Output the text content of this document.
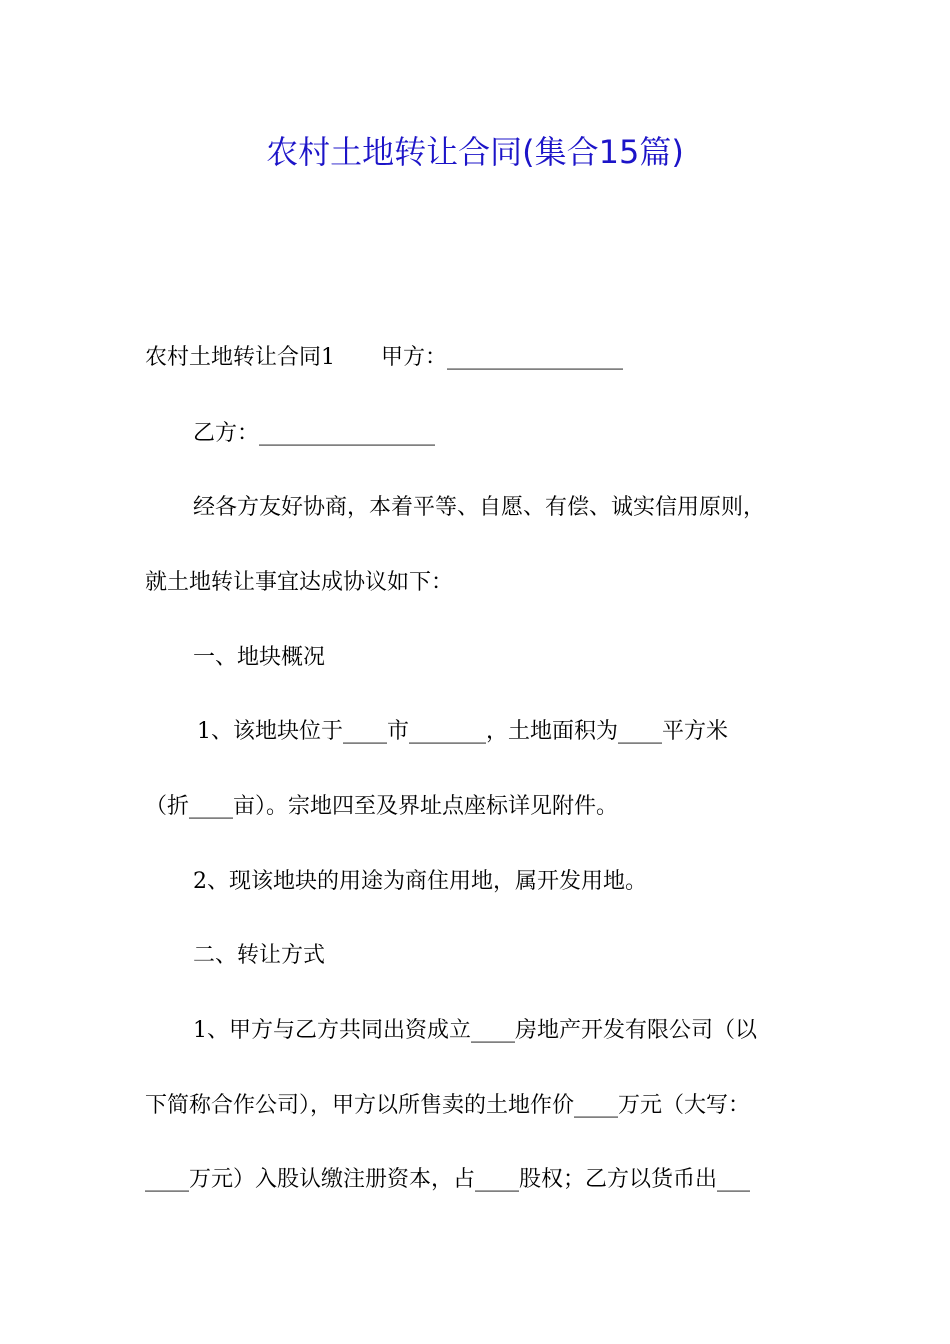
农村土地转让合同(集合15篇)

农村土地转让合同1 甲方：________________

乙方：________________

经各方友好协商，本着平等、自愿、有偿、诚实信用原则，

就土地转让事宜达成协议如下：

一、地块概况

1、该地块位于____市_______，土地面积为____平方米

（折____亩）。宗地四至及界址点座标详见附件。

2、现该地块的用途为商住用地，属开发用地。

二、转让方式

1、甲方与乙方共同出资成立____房地产开发有限公司（以

下简称合作公司），甲方以所售卖的土地作价____万元（大写：

____万元）入股认缴注册资本，占____股权；乙方以货币出___
